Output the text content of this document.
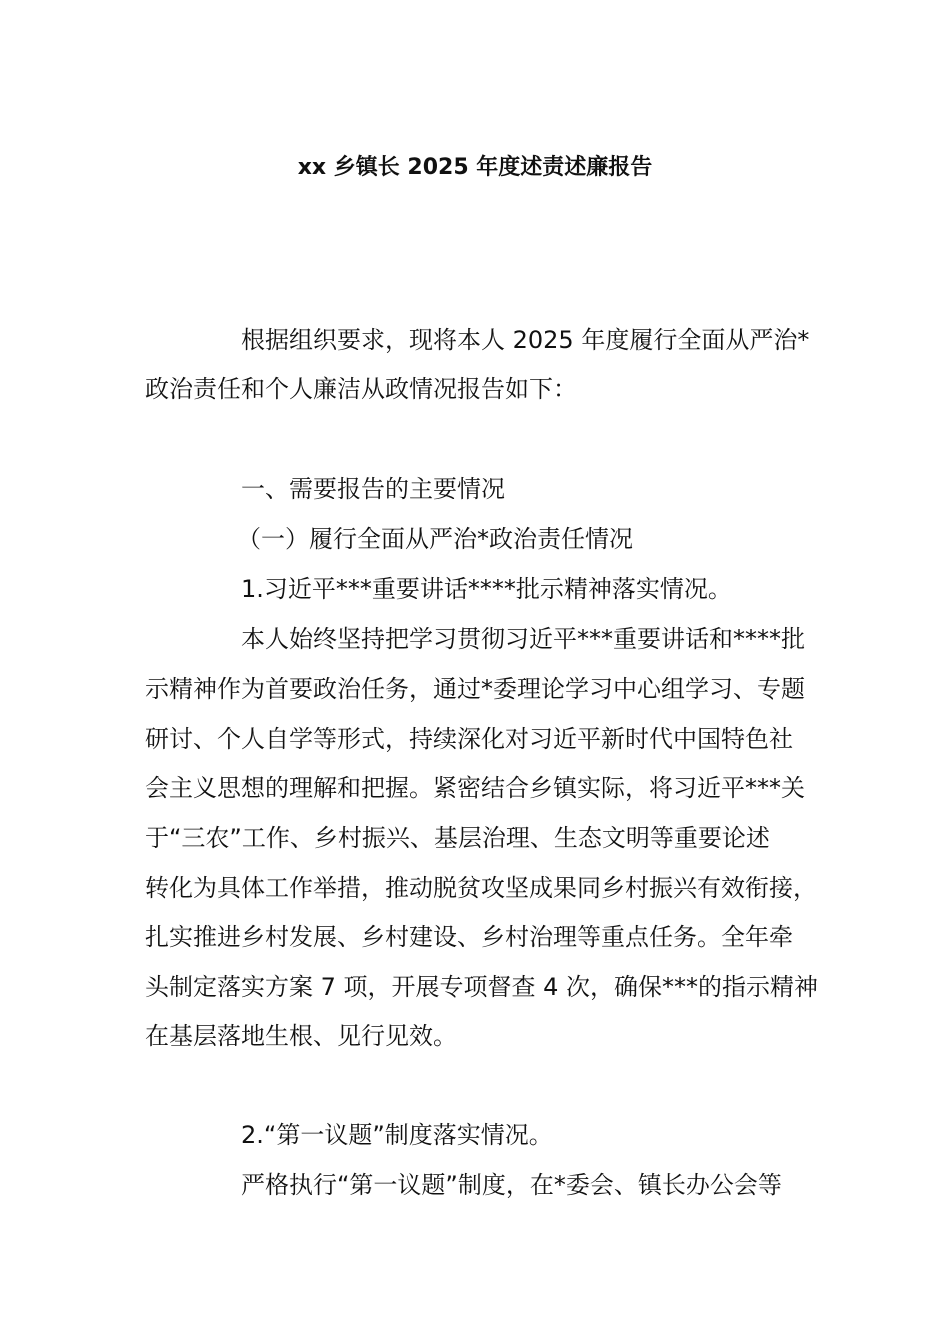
xx 乡镇长 2025 年度述责述廉报告
根据组织要求，现将本人 2025 年度履行全面从严治*
政治责任和个人廉洁从政情况报告如下：
一、需要报告的主要情况
（一）履行全面从严治*政治责任情况
1.习近平***重要讲话****批示精神落实情况。
本人始终坚持把学习贯彻习近平***重要讲话和****批
示精神作为首要政治任务，通过*委理论学习中心组学习、专题
研讨、个人自学等形式，持续深化对习近平新时代中国特色社
会主义思想的理解和把握。紧密结合乡镇实际，将习近平***关
于“三农”工作、乡村振兴、基层治理、生态文明等重要论述
转化为具体工作举措，推动脱贫攻坚成果同乡村振兴有效衔接，
扎实推进乡村发展、乡村建设、乡村治理等重点任务。全年牵
头制定落实方案 7 项，开展专项督查 4 次，确保***的指示精神
在基层落地生根、见行见效。
2.“第一议题”制度落实情况。
严格执行“第一议题”制度，在*委会、镇长办公会等
